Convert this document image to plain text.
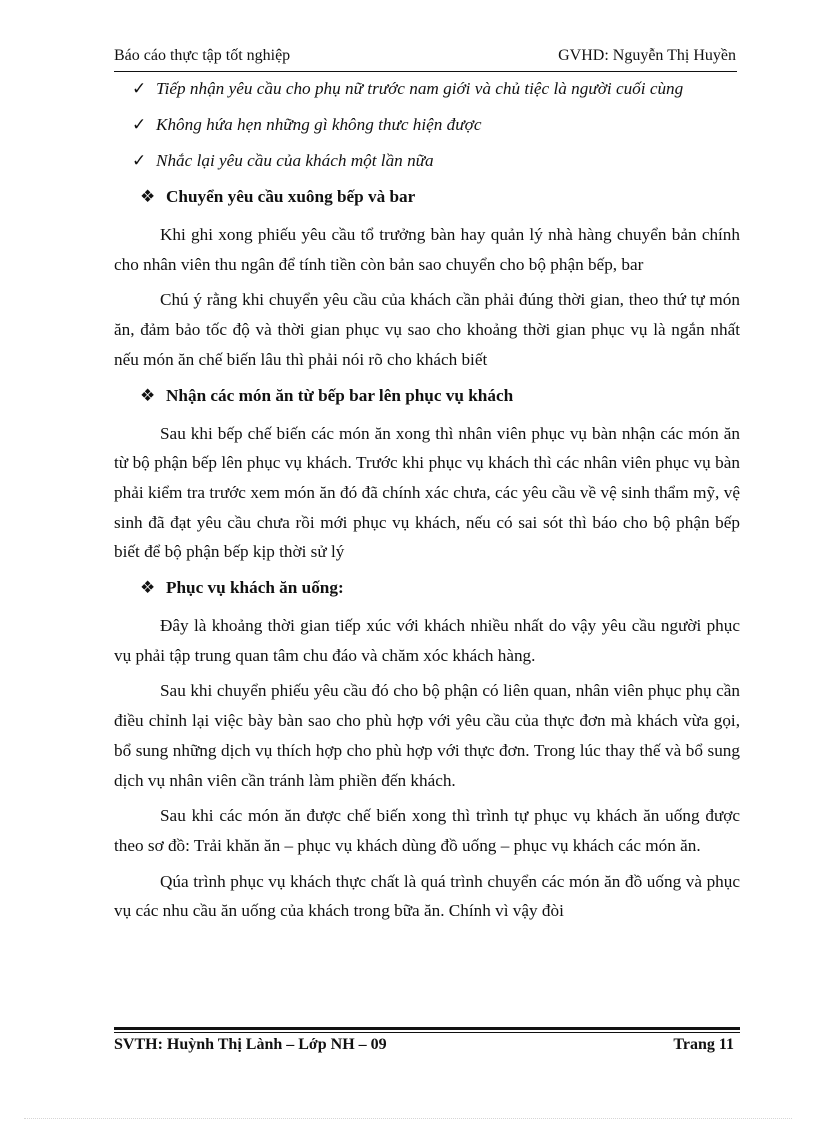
Báo cáo thực tập tốt nghiệp	GVHD: Nguyễn Thị Huyền

✓ Tiếp nhận yêu cầu cho phụ nữ trước nam giới và chủ tiệc là người cuối cùng

✓ Không hứa hẹn những gì không thưc hiện được

✓ Nhắc lại yêu cầu của khách một lần nữa

❖ Chuyển yêu cầu xuông bếp và bar

Khi ghi xong phiếu yêu cầu tổ trưởng bàn hay quản lý nhà hàng chuyển bản chính cho nhân viên thu ngân để tính tiền còn bản sao chuyển cho bộ phận bếp, bar

Chú ý rằng khi chuyển yêu cầu của khách cần phải đúng thời gian, theo thứ tự món ăn, đảm bảo tốc độ và thời gian phục vụ sao cho khoảng thời gian phục vụ là ngắn nhất nếu món ăn chế biến lâu thì phải nói rõ cho khách biết

❖ Nhận các món ăn từ bếp bar lên phục vụ khách

Sau khi bếp chế biến các món ăn xong thì nhân viên phục vụ bàn nhận các món ăn từ bộ phận bếp lên phục vụ khách. Trước khi phục vụ khách thì các nhân viên phục vụ bàn phải kiểm tra trước xem món ăn đó đã chính xác chưa, các yêu cầu về vệ sinh thẩm mỹ, vệ sinh đã đạt yêu cầu chưa rồi mới phục vụ khách, nếu có sai sót thì báo cho bộ phận bếp biết để bộ phận bếp kịp thời sử lý

❖ Phục vụ khách ăn uống:

Đây là khoảng thời gian tiếp xúc với khách nhiều nhất do vậy yêu cầu người phục vụ phải tập trung quan tâm chu đáo và chăm xóc khách hàng.

Sau khi chuyển phiếu yêu cầu đó cho bộ phận có liên quan, nhân viên phục phụ cần điều chỉnh lại việc bày bàn sao cho phù hợp với yêu cầu của thực đơn mà khách vừa gọi, bổ sung những dịch vụ thích hợp cho phù hợp với thực đơn. Trong lúc thay thế và bổ sung dịch vụ nhân viên cần tránh làm phiền đến khách.

Sau khi các món ăn được chế biến xong thì trình tự phục vụ khách ăn uống được theo sơ đồ: Trải khăn ăn – phục vụ khách dùng đồ uống – phục vụ khách các món ăn.

Qúa trình phục vụ khách thực chất là quá trình chuyển các món ăn đồ uống và phục vụ các nhu cầu ăn uống của khách trong bữa ăn. Chính vì vậy đòi

SVTH: Huỳnh Thị Lành – Lớp NH – 09	Trang 11
